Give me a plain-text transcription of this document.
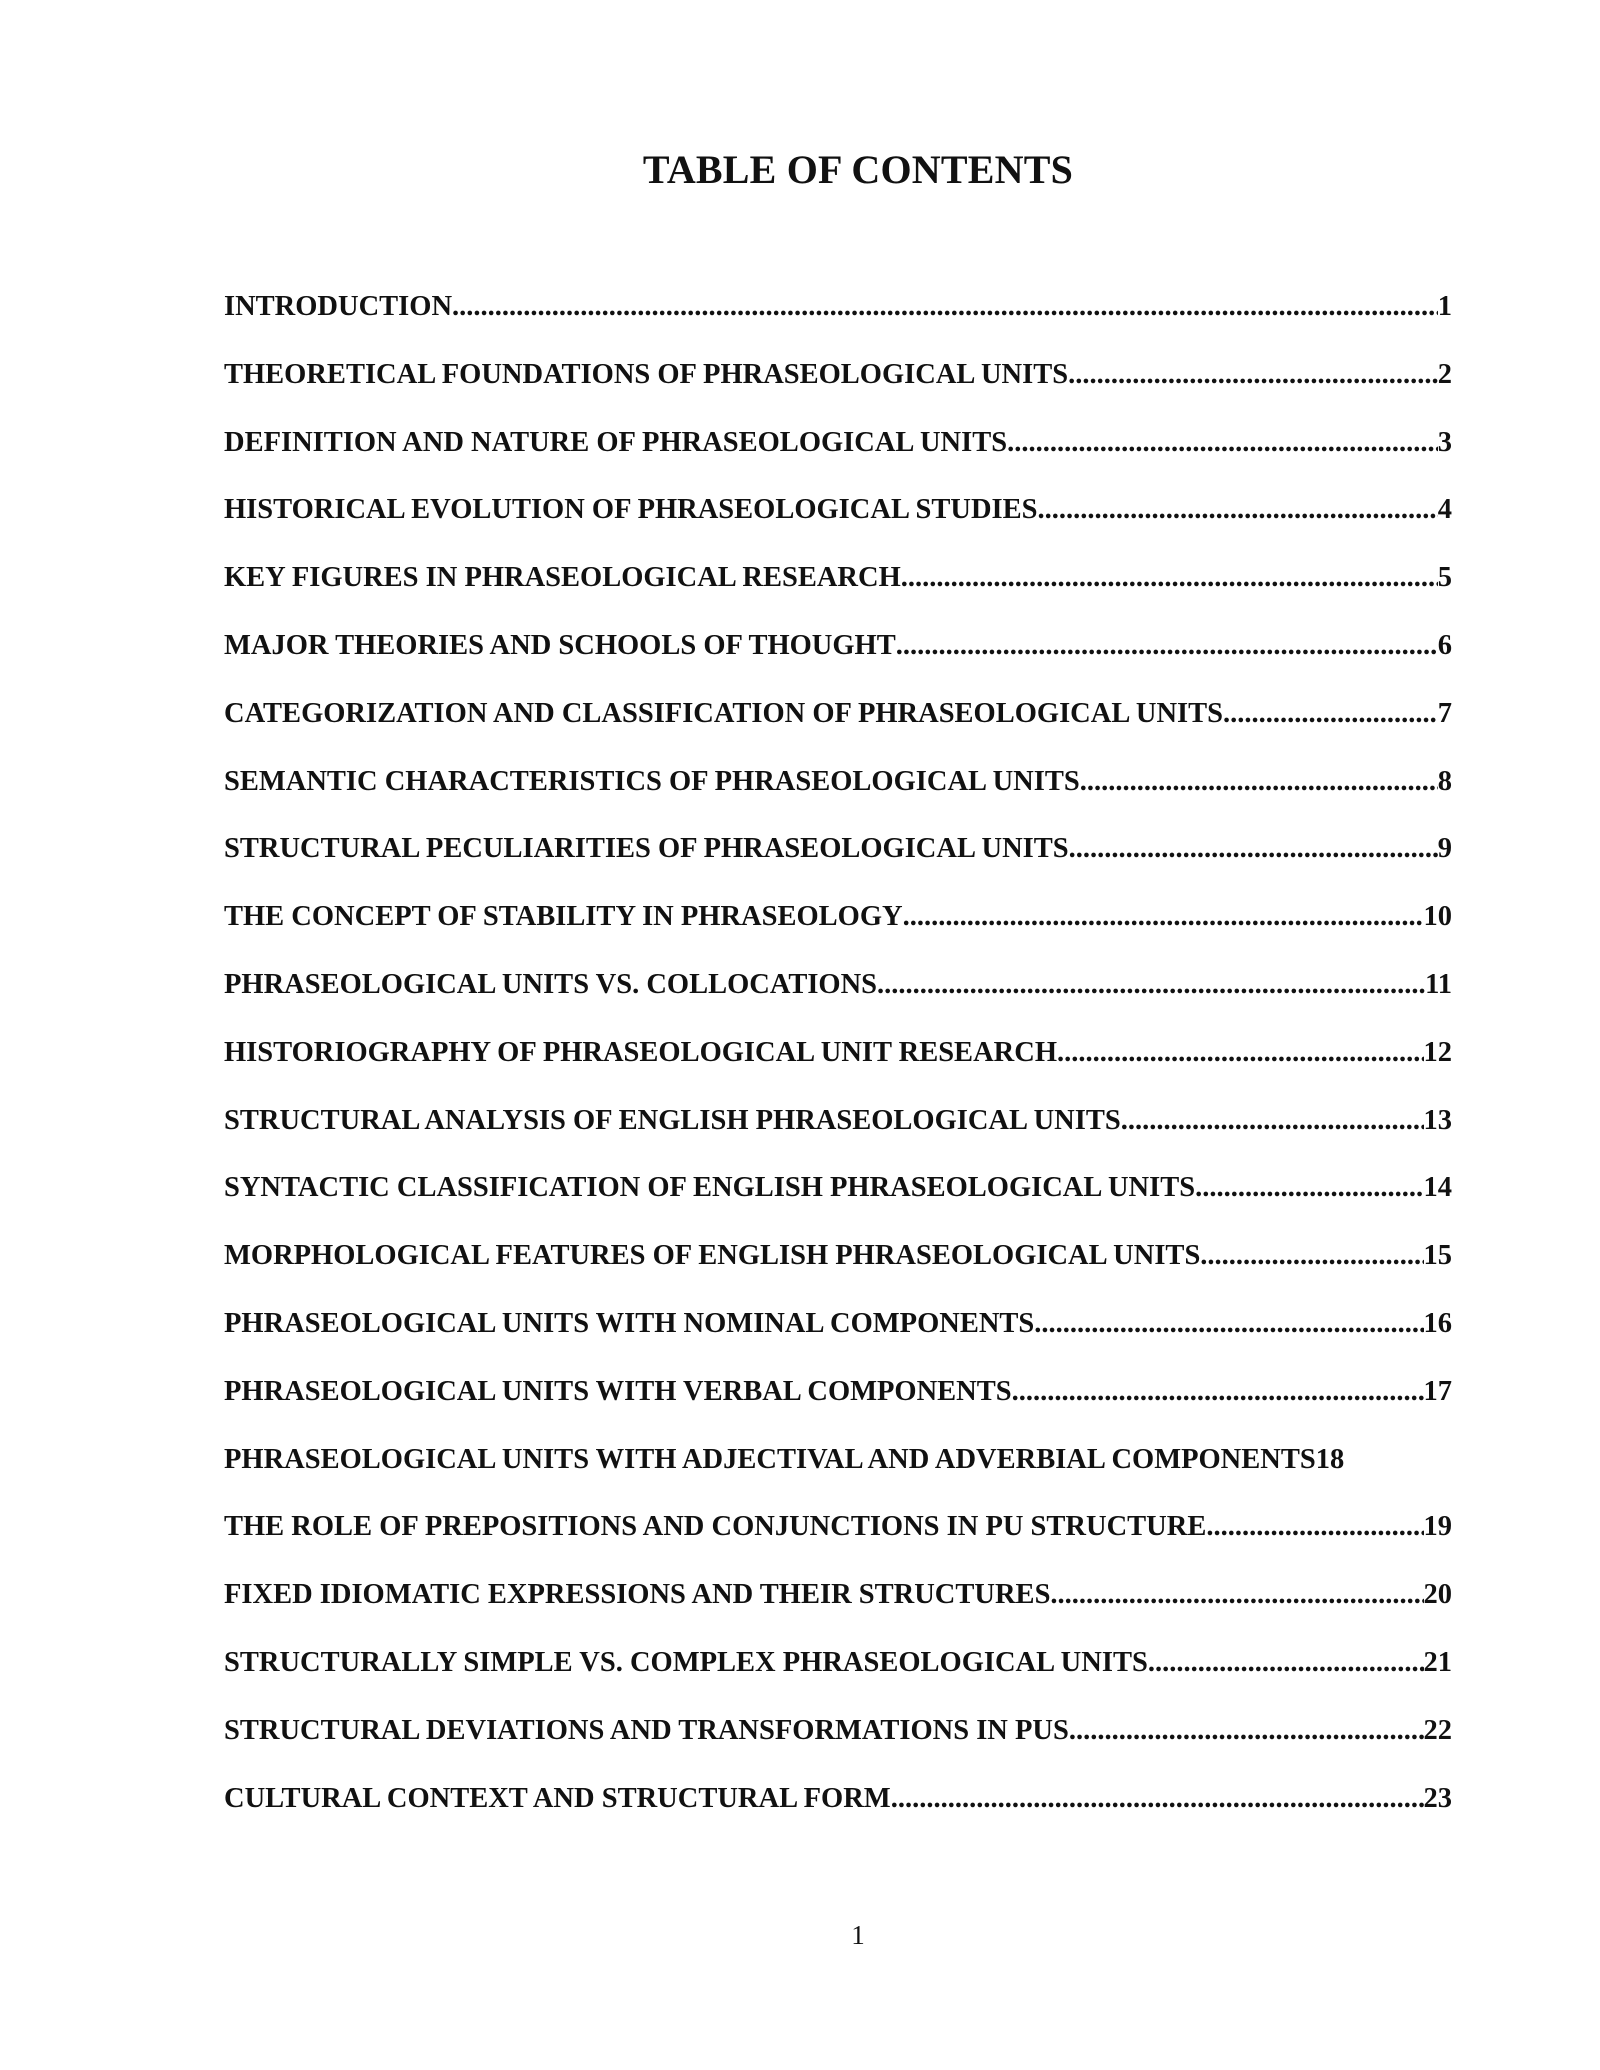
TABLE OF CONTENTS
INTRODUCTION .....	1
THEORETICAL FOUNDATIONS OF PHRASEOLOGICAL UNITS .....	2
DEFINITION AND NATURE OF PHRASEOLOGICAL UNITS .....	3
HISTORICAL EVOLUTION OF PHRASEOLOGICAL STUDIES .....	4
KEY FIGURES IN PHRASEOLOGICAL RESEARCH .....	5
MAJOR THEORIES AND SCHOOLS OF THOUGHT .....	6
CATEGORIZATION AND CLASSIFICATION OF PHRASEOLOGICAL UNITS .....	7
SEMANTIC CHARACTERISTICS OF PHRASEOLOGICAL UNITS .....	8
STRUCTURAL PECULIARITIES OF PHRASEOLOGICAL UNITS .....	9
THE CONCEPT OF STABILITY IN PHRASEOLOGY .....	10
PHRASEOLOGICAL UNITS VS. COLLOCATIONS .....	11
HISTORIOGRAPHY OF PHRASEOLOGICAL UNIT RESEARCH .....	12
STRUCTURAL ANALYSIS OF ENGLISH PHRASEOLOGICAL UNITS .....	13
SYNTACTIC CLASSIFICATION OF ENGLISH PHRASEOLOGICAL UNITS .....	14
MORPHOLOGICAL FEATURES OF ENGLISH PHRASEOLOGICAL UNITS .....	15
PHRASEOLOGICAL UNITS WITH NOMINAL COMPONENTS .....	16
PHRASEOLOGICAL UNITS WITH VERBAL COMPONENTS .....	17
PHRASEOLOGICAL UNITS WITH ADJECTIVAL AND ADVERBIAL COMPONENTS 18
THE ROLE OF PREPOSITIONS AND CONJUNCTIONS IN PU STRUCTURE .....	19
FIXED IDIOMATIC EXPRESSIONS AND THEIR STRUCTURES .....	20
STRUCTURALLY SIMPLE VS. COMPLEX PHRASEOLOGICAL UNITS .....	21
STRUCTURAL DEVIATIONS AND TRANSFORMATIONS IN PUS .....	22
CULTURAL CONTEXT AND STRUCTURAL FORM .....	23
1
